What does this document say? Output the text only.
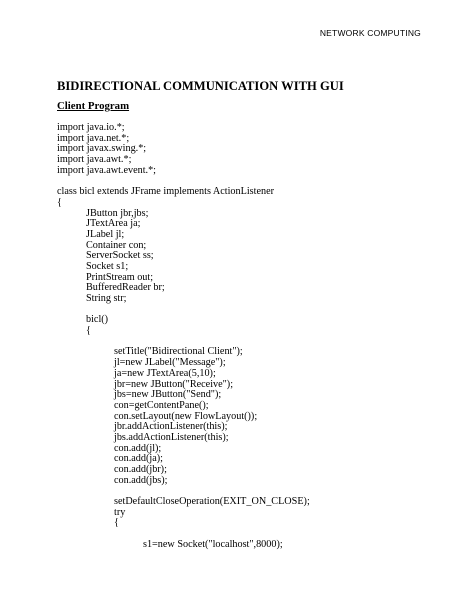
NETWORK COMPUTING
BIDIRECTIONAL COMMUNICATION WITH GUI
Client Program
import java.io.*;
import java.net.*;
import javax.swing.*;
import java.awt.*;
import java.awt.event.*;
class bicl extends JFrame implements ActionListener
{
JButton jbr,jbs;
JTextArea ja;
JLabel jl;
Container con;
ServerSocket ss;
Socket s1;
PrintStream out;
BufferedReader br;
String str;
bicl()
{
setTitle("Bidirectional Client");
jl=new JLabel("Message");
ja=new JTextArea(5,10);
jbr=new JButton("Receive");
jbs=new JButton("Send");
con=getContentPane();
con.setLayout(new FlowLayout());
jbr.addActionListener(this);
jbs.addActionListener(this);
con.add(jl);
con.add(ja);
con.add(jbr);
con.add(jbs);
setDefaultCloseOperation(EXIT_ON_CLOSE);
try
{
s1=new Socket("localhost",8000);
